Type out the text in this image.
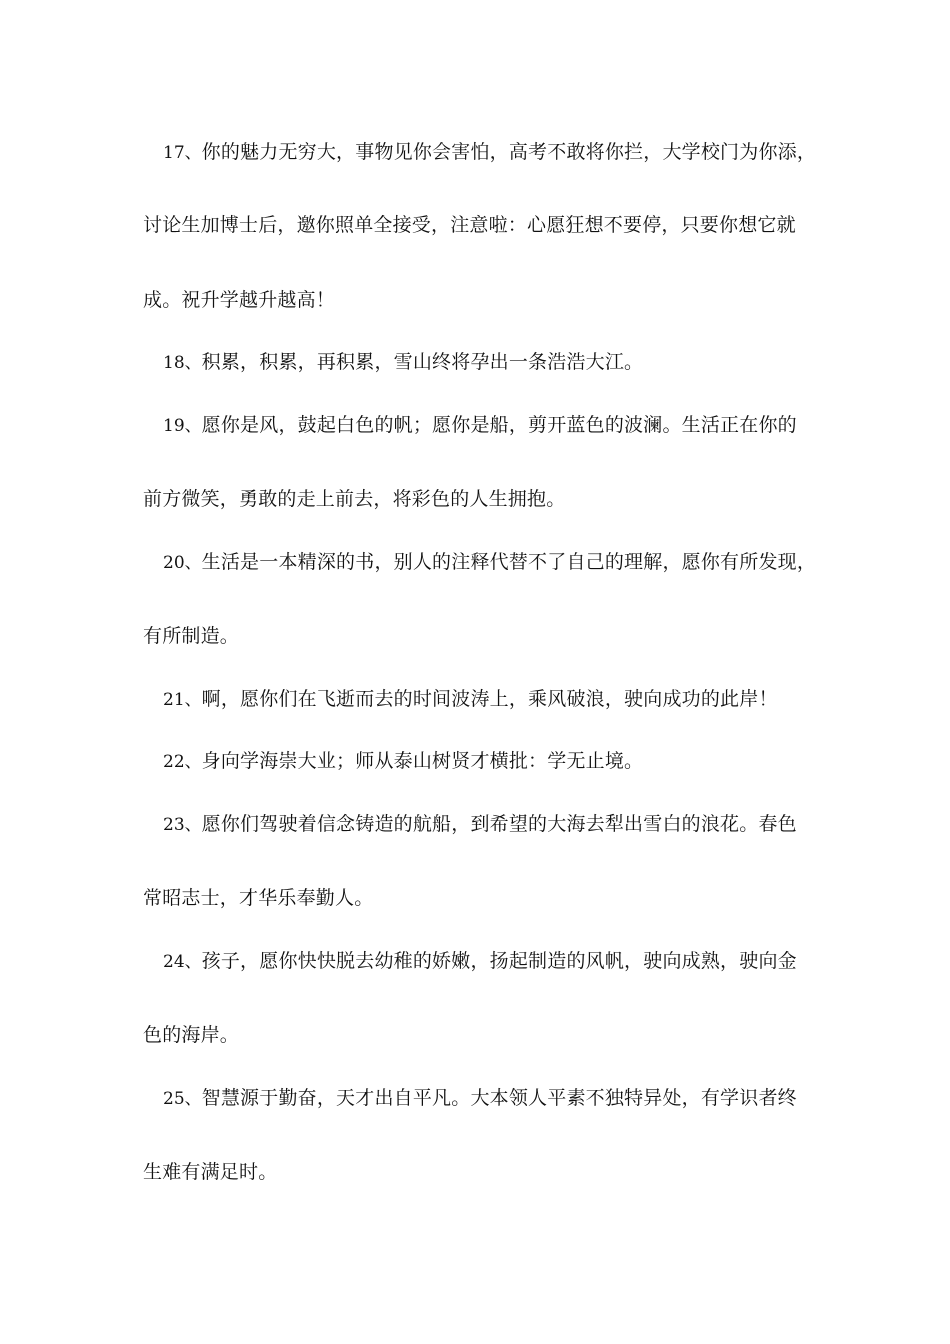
17、你的魅力无穷大，事物见你会害怕，高考不敢将你拦，大学校门为你添，
讨论生加博士后，邀你照单全接受，注意啦：心愿狂想不要停，只要你想它就
成。祝升学越升越高！
18、积累，积累，再积累，雪山终将孕出一条浩浩大江。
19、愿你是风，鼓起白色的帆；愿你是船，剪开蓝色的波澜。生活正在你的
前方微笑，勇敢的走上前去，将彩色的人生拥抱。
20、生活是一本精深的书，别人的注释代替不了自己的理解，愿你有所发现，
有所制造。
21、啊，愿你们在飞逝而去的时间波涛上，乘风破浪，驶向成功的此岸！
22、身向学海崇大业；师从泰山树贤才横批：学无止境。
23、愿你们驾驶着信念铸造的航船，到希望的大海去犁出雪白的浪花。春色
常昭志士，才华乐奉勤人。
24、孩子，愿你快快脱去幼稚的娇嫩，扬起制造的风帆，驶向成熟，驶向金
色的海岸。
25、智慧源于勤奋，天才出自平凡。大本领人平素不独特异处，有学识者终
生难有满足时。
